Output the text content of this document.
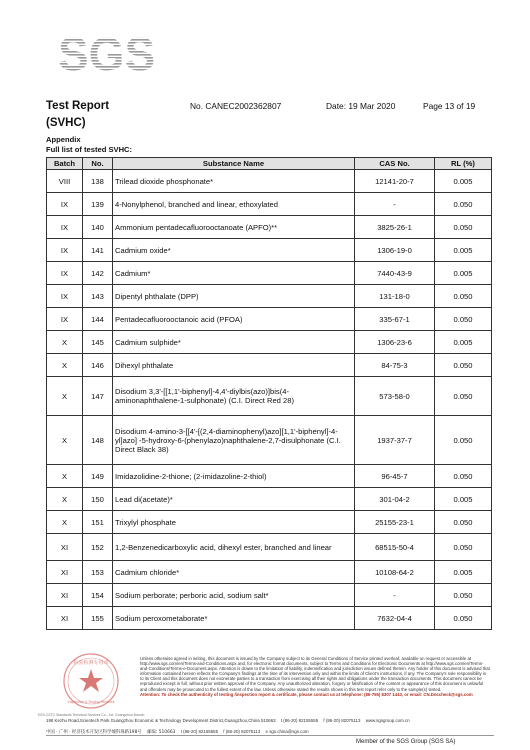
SGS
Test Report
(SVHC)
No. CANEC2002362807	Date: 19 Mar 2020	Page 13 of 19
Appendix
Full list of tested SVHC:
Batch	No.	Substance Name	CAS No.	RL (%)
VIII	138	Trilead dioxide phosphonate*	12141-20-7	0.005
IX	139	4-Nonylphenol, branched and linear, ethoxylated	-	0.050
IX	140	Ammonium pentadecafluorooctanoate (APFO)**	3825-26-1	0.050
IX	141	Cadmium oxide*	1306-19-0	0.005
IX	142	Cadmium*	7440-43-9	0.005
IX	143	Dipentyl phthalate (DPP)	131-18-0	0.050
IX	144	Pentadecafluorooctanoic acid (PFOA)	335-67-1	0.050
X	145	Cadmium sulphide*	1306-23-6	0.005
X	146	Dihexyl phthalate	84-75-3	0.050
X	147	Disodium 3,3'-[[1,1'-biphenyl]-4,4'-diylbis(azo)]bis(4-aminonaphthalene-1-sulphonate) (C.I. Direct Red 28)	573-58-0	0.050
X	148	Disodium 4-amino-3-[[4'-[(2,4-diaminophenyl)azo][1,1'-biphenyl]-4-yl]azo] -5-hydroxy-6-(phenylazo)naphthalene-2,7-disulphonate (C.I. Direct Black 38)	1937-37-7	0.050
X	149	Imidazolidine-2-thione; (2-imidazoline-2-thiol)	96-45-7	0.050
X	150	Lead di(acetate)*	301-04-2	0.005
X	151	Trixylyl phosphate	25155-23-1	0.050
XI	152	1,2-Benzenedicarboxylic acid, dihexyl ester, branched and linear	68515-50-4	0.050
XI	153	Cadmium chloride*	10108-64-2	0.005
XI	154	Sodium perborate; perboric acid, sodium salt*	-	0.050
XI	155	Sodium peroxometaborate*	7632-04-4	0.050
检验检测专用章
Inspection & Testing Services
SGS-CSTC Standards Technical Services Co., Ltd. Guangzhou Branch
Unless otherwise agreed in writing, this document is issued by the Company subject to its General Conditions of Service printed overleaf, available on request or accessible at http://www.sgs.com/en/Terms-and-Conditions.aspx and, for electronic format documents, subject to Terms and Conditions for Electronic Documents at http://www.sgs.com/en/Terms-and-Conditions/Terms-e-Document.aspx. Attention is drawn to the limitation of liability, indemnification and jurisdiction issues defined therein. Any holder of this document is advised that information contained hereon reflects the Company's findings at the time of its intervention only and within the limits of Client's instructions, if any. The Company's sole responsibility is to its Client and this document does not exonerate parties to a transaction from exercising all their rights and obligations under the transaction documents. This document cannot be reproduced except in full, without prior written approval of the Company. Any unauthorized alteration, forgery or falsification of the content or appearance of this document is unlawful and offenders may be prosecuted to the fullest extent of the law. Unless otherwise stated the results shown in this test report refer only to the sample(s) tested.
Attention: To check the authenticity of testing /inspection report & certificate, please contact us at telephone: (86-755) 8307 1443, or email: CN.Doccheck@sgs.com
198 Kezhu Road,Scientech Park Guangzhou Economic & Technology Development District,Guangzhou,China 510663 t (86-20) 82155555 f (86-20) 82075113 www.sgsgroup.com.cn
中国 · 广州 · 经济技术开发区科学城科珠路198号 邮编: 510663 t (86-20) 82155555 f (86-20) 82075113 e sgs.china@sgs.com
Member of the SGS Group (SGS SA)
